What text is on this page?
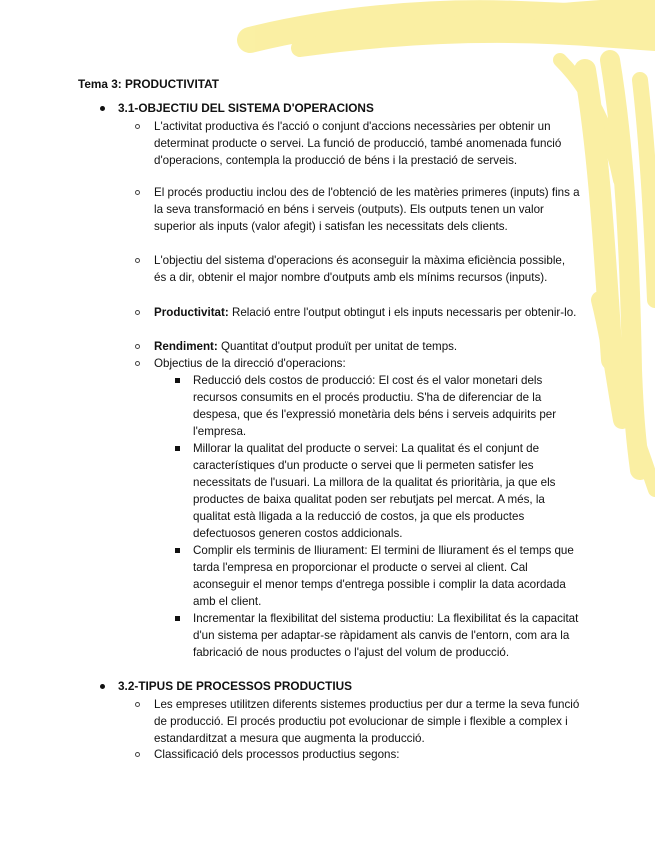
Tema 3: PRODUCTIVITAT
3.1-OBJECTIU DEL SISTEMA D'OPERACIONS
L'activitat productiva és l'acció o conjunt d'accions necessàries per obtenir un determinat producte o servei. La funció de producció, també anomenada funció d'operacions, contempla la producció de béns i la prestació de serveis.
El procés productiu inclou des de l'obtenció de les matèries primeres (inputs) fins a la seva transformació en béns i serveis (outputs). Els outputs tenen un valor superior als inputs (valor afegit) i satisfan les necessitats dels clients.
L'objectiu del sistema d'operacions és aconseguir la màxima eficiència possible, és a dir, obtenir el major nombre d'outputs amb els mínims recursos (inputs).
Productivitat: Relació entre l'output obtingut i els inputs necessaris per obtenir-lo.
Rendiment: Quantitat d'output produït per unitat de temps.
Objectius de la direcció d'operacions:
Reducció dels costos de producció: El cost és el valor monetari dels recursos consumits en el procés productiu. S'ha de diferenciar de la despesa, que és l'expressió monetària dels béns i serveis adquirits per l'empresa.
Millorar la qualitat del producte o servei: La qualitat és el conjunt de característiques d'un producte o servei que li permeten satisfer les necessitats de l'usuari. La millora de la qualitat és prioritària, ja que els productes de baixa qualitat poden ser rebutjats pel mercat. A més, la qualitat està lligada a la reducció de costos, ja que els productes defectuosos generen costos addicionals.
Complir els terminis de lliurament: El termini de lliurament és el temps que tarda l'empresa en proporcionar el producte o servei al client. Cal aconseguir el menor temps d'entrega possible i complir la data acordada amb el client.
Incrementar la flexibilitat del sistema productiu: La flexibilitat és la capacitat d'un sistema per adaptar-se ràpidament als canvis de l'entorn, com ara la fabricació de nous productes o l'ajust del volum de producció.
3.2-TIPUS DE PROCESSOS PRODUCTIUS
Les empreses utilitzen diferents sistemes productius per dur a terme la seva funció de producció. El procés productiu pot evolucionar de simple i flexible a complex i estandarditzat a mesura que augmenta la producció.
Classificació dels processos productius segons:
